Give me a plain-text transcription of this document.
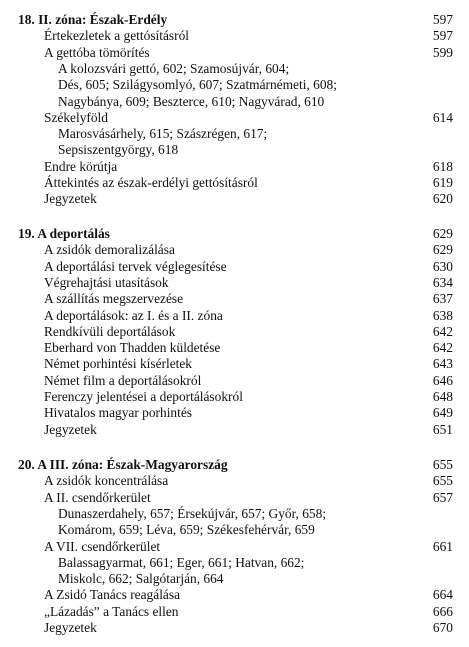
18. II. zóna: Észak-Erdély	597
Értekezletek a gettósításról	597
A gettóba tömörítés	599
A kolozsvári gettó, 602; Szamosújvár, 604;
Dés, 605; Szilágysomlyó, 607; Szatmárnémeti, 608;
Nagybánya, 609; Beszterce, 610; Nagyvárad, 610
Székelyföld	614
Marosvásárhely, 615; Szászrégen, 617;
Sepsiszentgyörgy, 618
Endre körútja	618
Áttekintés az észak-erdélyi gettósításról	619
Jegyzetek	620
19. A deportálás	629
A zsidók demoralizálása	629
A deportálási tervek véglegesítése	630
Végrehajtási utasítások	634
A szállítás megszervezése	637
A deportálások: az I. és a II. zóna	638
Rendkívüli deportálások	642
Eberhard von Thadden küldetése	642
Német porhintési kísérletek	643
Német film a deportálásokról	646
Ferenczy jelentései a deportálásokról	648
Hivatalos magyar porhintés	649
Jegyzetek	651
20. A III. zóna: Észak-Magyarország	655
A zsidók koncentrálása	655
A II. csendőrkerület	657
Dunaszerdahely, 657; Érsekújvár, 657; Győr, 658;
Komárom, 659; Léva, 659; Székesfehérvár, 659
A VII. csendőrkerület	661
Balassagyarmat, 661; Eger, 661; Hatvan, 662;
Miskolc, 662; Salgótarján, 664
A Zsidó Tanács reagálása	664
„Lázadás” a Tanács ellen	666
Jegyzetek	670
